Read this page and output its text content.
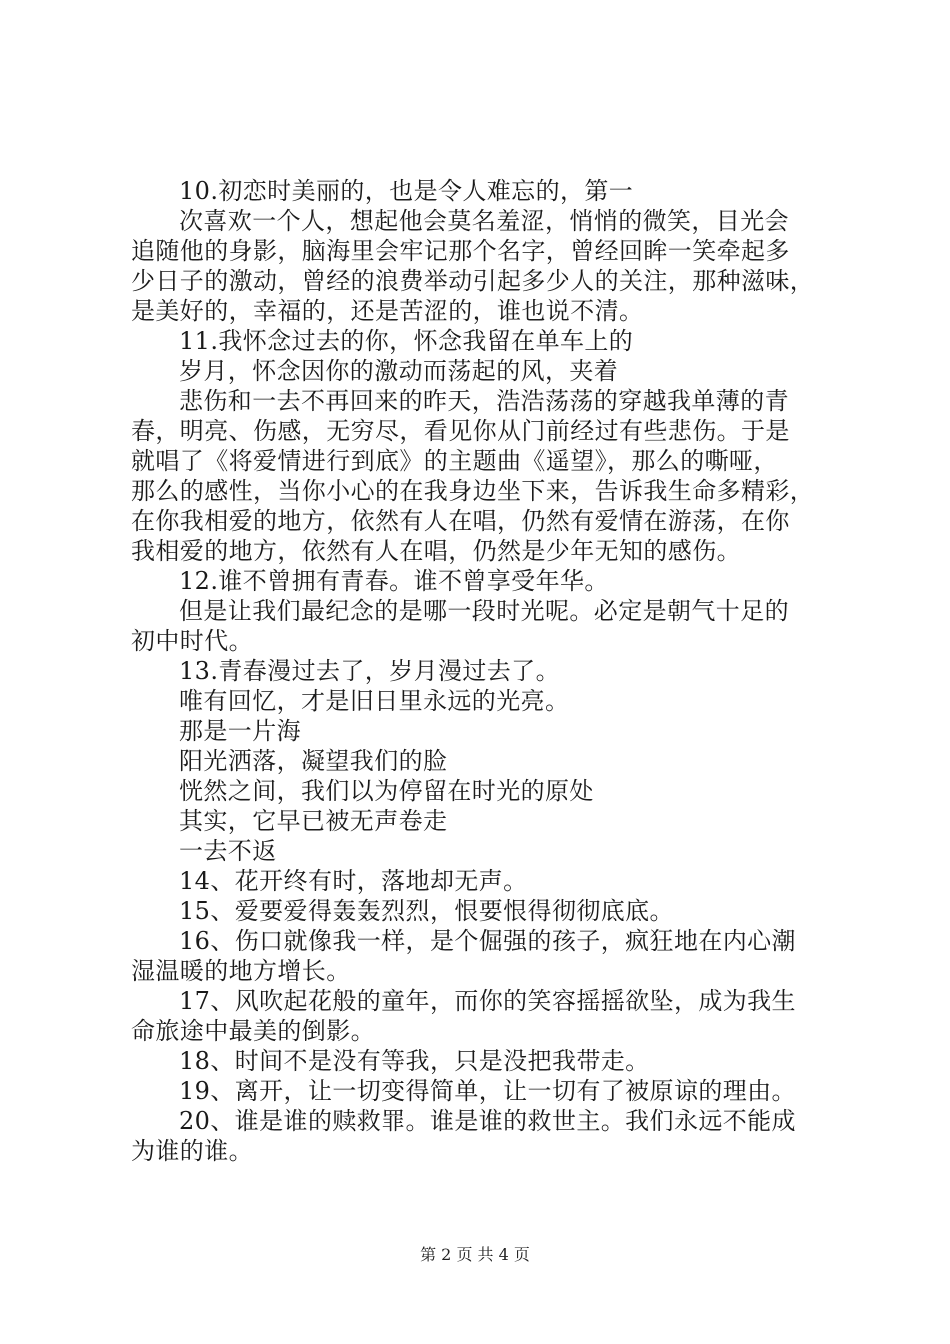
10.初恋时美丽的，也是令人难忘的，第一
次喜欢一个人，想起他会莫名羞涩，悄悄的微笑，目光会
追随他的身影，脑海里会牢记那个名字，曾经回眸一笑牵起多
少日子的激动，曾经的浪费举动引起多少人的关注，那种滋味，
是美好的，幸福的，还是苦涩的，谁也说不清。
11.我怀念过去的你，怀念我留在单车上的
岁月，怀念因你的激动而荡起的风，夹着
悲伤和一去不再回来的昨天，浩浩荡荡的穿越我单薄的青
春，明亮、伤感，无穷尽，看见你从门前经过有些悲伤。于是
就唱了《将爱情进行到底》的主题曲《遥望》，那么的嘶哑，
那么的感性，当你小心的在我身边坐下来，告诉我生命多精彩，
在你我相爱的地方，依然有人在唱，仍然有爱情在游荡，在你
我相爱的地方，依然有人在唱，仍然是少年无知的感伤。
12.谁不曾拥有青春。谁不曾享受年华。
但是让我们最纪念的是哪一段时光呢。必定是朝气十足的
初中时代。
13.青春漫过去了，岁月漫过去了。
唯有回忆，才是旧日里永远的光亮。
那是一片海
阳光洒落，凝望我们的脸
恍然之间，我们以为停留在时光的原处
其实，它早已被无声卷走
一去不返
14、花开终有时，落地却无声。
15、爱要爱得轰轰烈烈，恨要恨得彻彻底底。
16、伤口就像我一样，是个倔强的孩子，疯狂地在内心潮
湿温暖的地方增长。
17、风吹起花般的童年，而你的笑容摇摇欲坠，成为我生
命旅途中最美的倒影。
18、时间不是没有等我，只是没把我带走。
19、离开，让一切变得简单，让一切有了被原谅的理由。
20、谁是谁的赎救罪。谁是谁的救世主。我们永远不能成
为谁的谁。
第 2 页 共 4 页
